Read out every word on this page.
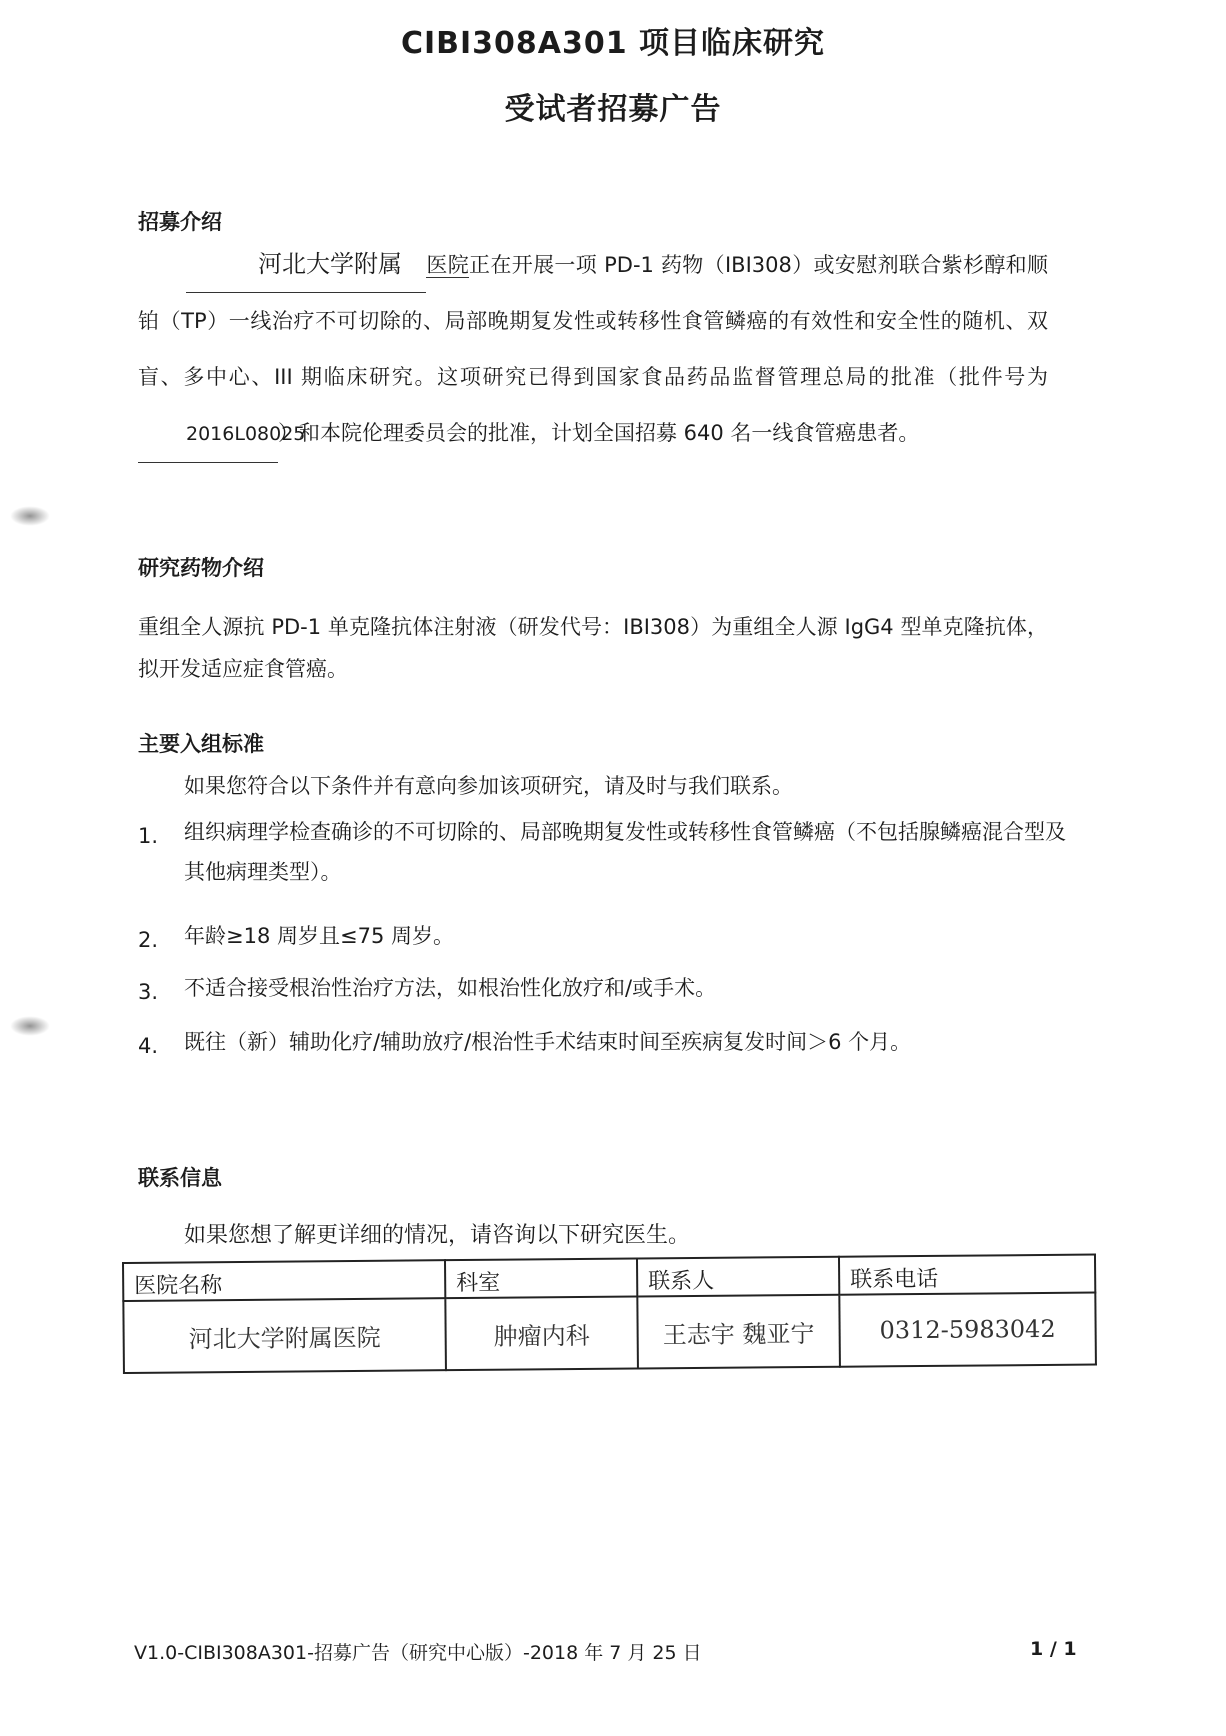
CIBI308A301 项目临床研究
受试者招募广告
招募介绍
河北大学附属 医院正在开展一项 PD-1 药物（IBI308）或安慰剂联合紫杉醇和顺铂（TP）一线治疗不可切除的、局部晚期复发性或转移性食管鳞癌的有效性和安全性的随机、双盲、多中心、III 期临床研究。这项研究已得到国家食品药品监督管理总局的批准（批件号为2016L08025）和本院伦理委员会的批准，计划全国招募 640 名一线食管癌患者。
研究药物介绍
重组全人源抗 PD-1 单克隆抗体注射液（研发代号：IBI308）为重组全人源 IgG4 型单克隆抗体，拟开发适应症食管癌。
主要入组标准
如果您符合以下条件并有意向参加该项研究，请及时与我们联系。
1.	组织病理学检查确诊的不可切除的、局部晚期复发性或转移性食管鳞癌（不包括腺鳞癌混合型及其他病理类型）。
2.	年龄≥18 周岁且≤75 周岁。
3.	不适合接受根治性治疗方法，如根治性化放疗和/或手术。
4.	既往（新）辅助化疗/辅助放疗/根治性手术结束时间至疾病复发时间＞6 个月。
联系信息
如果您想了解更详细的情况，请咨询以下研究医生。
医院名称	科室	联系人	联系电话
河北大学附属医院	肿瘤内科	王志宇 魏亚宁	0312-5983042
V1.0-CIBI308A301-招募广告（研究中心版）-2018 年 7 月 25 日	1 / 1
